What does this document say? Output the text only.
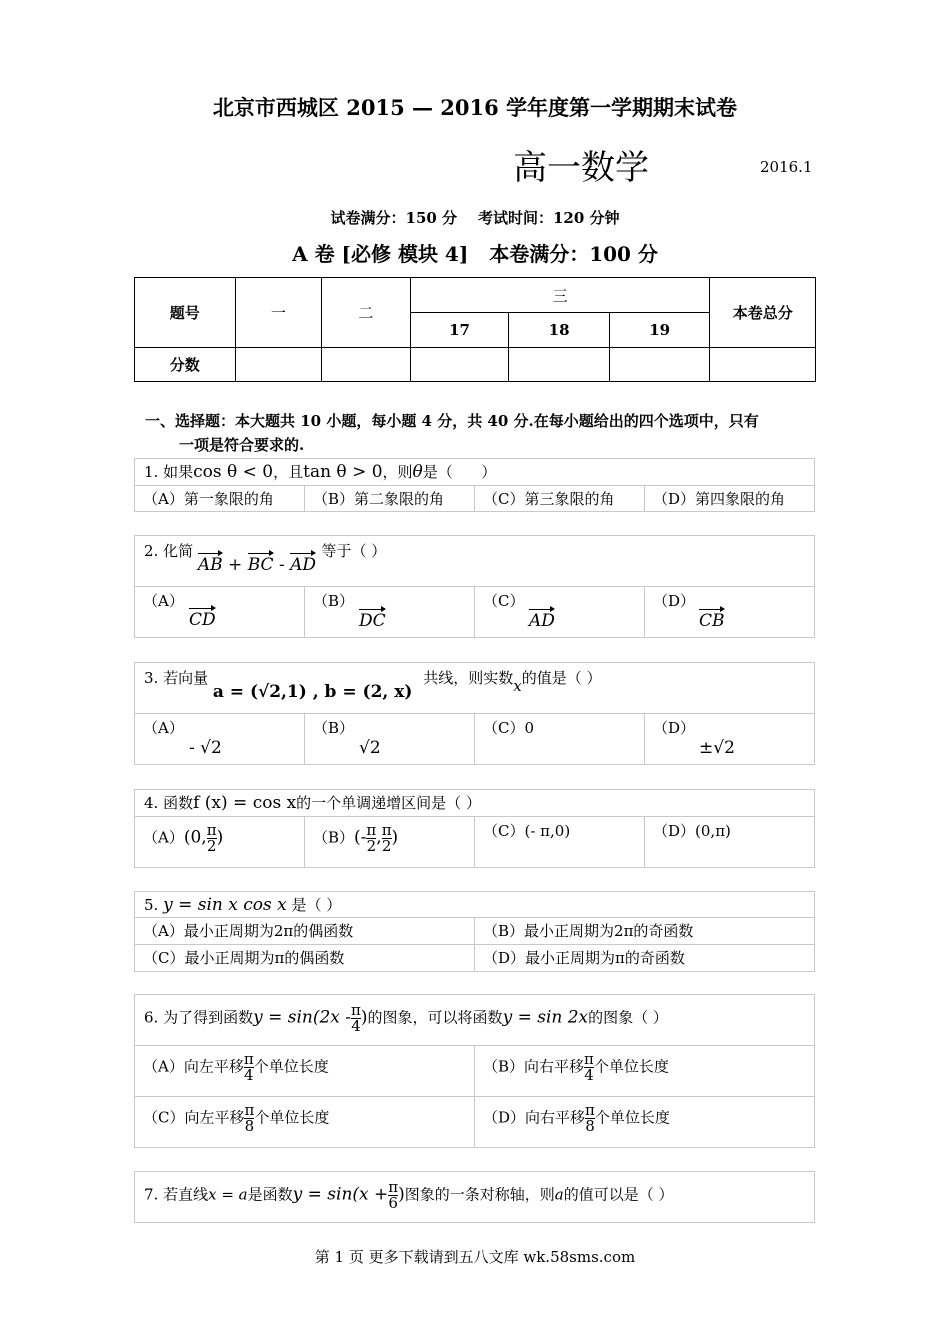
北京市西城区 2015 — 2016 学年度第一学期期末试卷
高一数学	2016.1
试卷满分：150 分    考试时间：120 分钟
A 卷 [必修 模块 4]   本卷满分：100 分
题号	一	二	三			本卷总分
			17	18	19	
分数						
一、选择题：本大题共 10 小题，每小题 4 分，共 40 分.在每小题给出的四个选项中，只有
一项是符合要求的.
1. 如果cos θ < 0，且tan θ > 0，则θ是（      ）
（A）第一象限的角	（B）第二象限的角	（C）第三象限的角	（D）第四象限的角
2. 化简 AB + BC - AD 等于（ ）
（A）
CD
（B）
DC
（C）
AD
（D）
CB
3. 若向量 a = (√2,1) , b = (2, x) 共线，则实数x的值是（ ）
（A）
- √2
（B）
√2
（C）0	（D）
±√2
4. 函数f (x) = cos x的一个单调递增区间是（ ）
（A）(0, $\frac{\pi}{2}$ )	$(B)(- \frac{\pi}{2}$ , $\frac{\pi}{2}$ )	（C）(- π,0)	（D）(0,π)
5. y = sin x cos x 是（ ）
（A）最小正周期为2π的偶函数	（B）最小正周期为2π的奇函数
（C）最小正周期为π的偶函数	（D）最小正周期为π的奇函数
6. 为了得到函数$y = \sin(2x - \frac{\pi}{4}$ )的图象，可以将函数y = sin 2x的图象（ ）
（A）向左平移 $\frac{\pi}{4}$ 个单位长度	（B）向右平移 $\frac{\pi}{4}$ 个单位长度
（C）向左平移 $\frac{\pi}{8}$ 个单位长度	（D）向右平移 $\frac{\pi}{8}$ 个单位长度
7. 若直线x = a是函数$y = \sin(x + \frac{\pi}{6}$ )图象的一条对称轴，则a的值可以是（ ）
第 1 页 更多下载请到五八文库 wk.58sms.com
